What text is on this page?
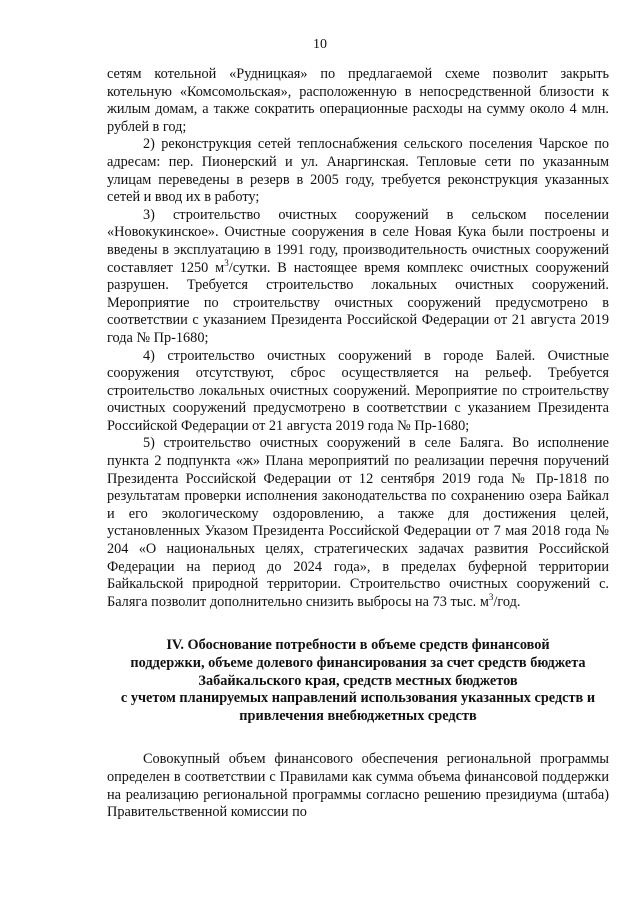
10

сетям котельной «Рудницкая» по предлагаемой схеме позволит закрыть котельную «Комсомольская», расположенную в непосредственной близости к жилым домам, а также сократить операционные расходы на сумму около 4 млн. рублей в год;

2) реконструкция сетей теплоснабжения сельского поселения Чарское по адресам: пер. Пионерский и ул. Анаргинская. Тепловые сети по указанным улицам переведены в резерв в 2005 году, требуется реконструкция указанных сетей и ввод их в работу;

3) строительство очистных сооружений в сельском поселении «Новокукинское». Очистные сооружения в селе Новая Кука были построены и введены в эксплуатацию в 1991 году, производительность очистных сооружений составляет 1250 $м^3$/сутки. В настоящее время комплекс очистных сооружений разрушен. Требуется строительство локальных очистных сооружений. Мероприятие по строительству очистных сооружений предусмотрено в соответствии с указанием Президента Российской Федерации от 21 августа 2019 года № Пр-1680;

4) строительство очистных сооружений в городе Балей. Очистные сооружения отсутствуют, сброс осуществляется на рельеф. Требуется строительство локальных очистных сооружений. Мероприятие по строительству очистных сооружений предусмотрено в соответствии с указанием Президента Российской Федерации от 21 августа 2019 года № Пр-1680;

5) строительство очистных сооружений в селе Баляга. Во исполнение пункта 2 подпункта «ж» Плана мероприятий по реализации перечня поручений Президента Российской Федерации от 12 сентября 2019 года № Пр-1818 по результатам проверки исполнения законодательства по сохранению озера Байкал и его экологическому оздоровлению, а также для достижения целей, установленных Указом Президента Российской Федерации от 7 мая 2018 года № 204 «О национальных целях, стратегических задачах развития Российской Федерации на период до 2024 года», в пределах буферной территории Байкальской природной территории. Строительство очистных сооружений с. Баляга позволит дополнительно снизить выбросы на 73 тыс. $м^3$/год.

IV. Обоснование потребности в объеме средств финансовой
поддержки, объеме долевого финансирования за счет средств бюджета
Забайкальского края, средств местных бюджетов
с учетом планируемых направлений использования указанных средств и
привлечения внебюджетных средств

Совокупный объем финансового обеспечения региональной программы определен в соответствии с Правилами как сумма объема финансовой поддержки на реализацию региональной программы согласно решению президиума (штаба) Правительственной комиссии по
